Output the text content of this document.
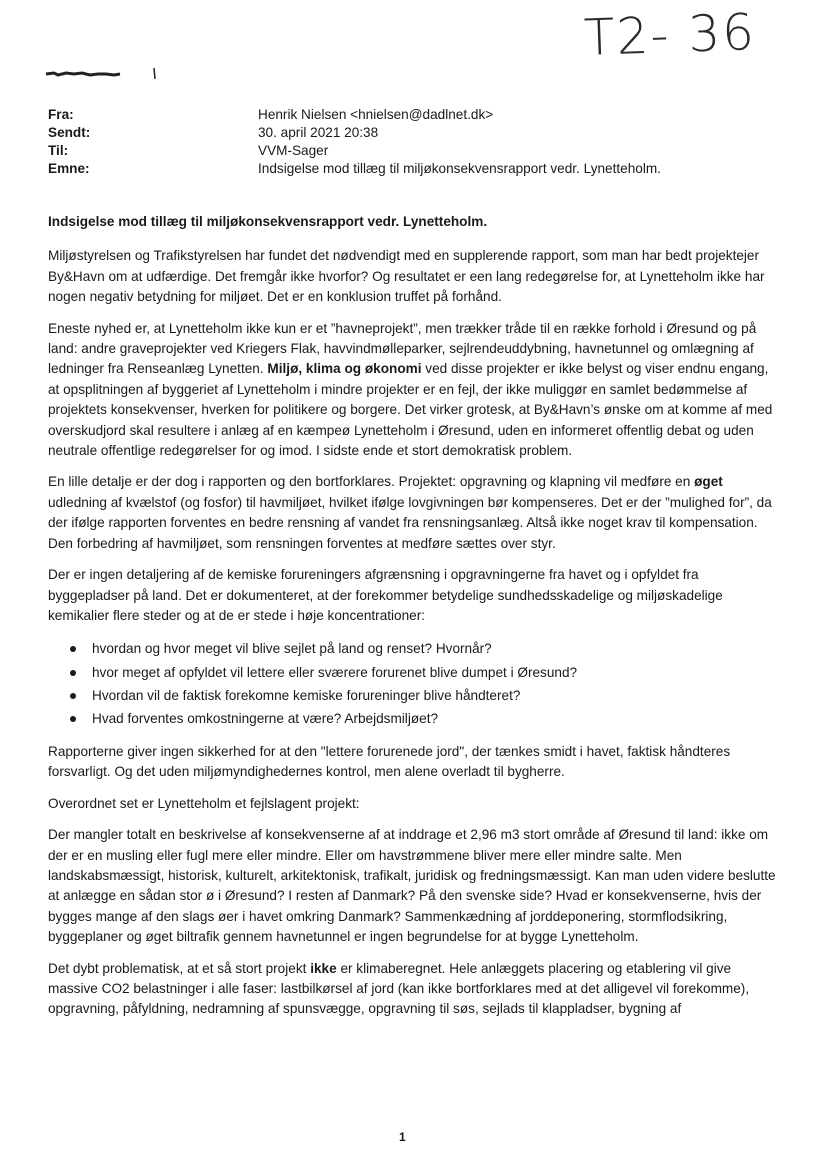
T2- 36
Fra:	Henrik Nielsen <hnielsen@dadlnet.dk>
Sendt:	30. april 2021 20:38
Til:	VVM-Sager
Emne:	Indsigelse mod tillæg til miljøkonsekvensrapport vedr. Lynetteholm.

Indsigelse mod tillæg til miljøkonsekvensrapport vedr. Lynetteholm.

Miljøstyrelsen og Trafikstyrelsen har fundet det nødvendigt med en supplerende rapport, som man har bedt projektejer By&Havn om at udfærdige. Det fremgår ikke hvorfor? Og resultatet er een lang redegørelse for, at Lynetteholm ikke har nogen negativ betydning for miljøet. Det er en konklusion truffet på forhånd.

Eneste nyhed er, at Lynetteholm ikke kun er et ”havneprojekt”, men trækker tråde til en række forhold i Øresund og på land: andre graveprojekter ved Kriegers Flak, havvindmølleparker, sejlrendeuddybning, havnetunnel og omlægning af ledninger fra Renseanlæg Lynetten. Miljø, klima og økonomi ved disse projekter er ikke belyst og viser endnu engang, at opsplitningen af byggeriet af Lynetteholm i mindre projekter er en fejl, der ikke muliggør en samlet bedømmelse af projektets konsekvenser, hverken for politikere og borgere. Det virker grotesk, at By&Havn’s ønske om at komme af med overskudjord skal resultere i anlæg af en kæmpeø Lynetteholm i Øresund, uden en informeret offentlig debat og uden neutrale offentlige redegørelser for og imod. I sidste ende et stort demokratisk problem.

En lille detalje er der dog i rapporten og den bortforklares. Projektet: opgravning og klapning vil medføre en øget udledning af kvælstof (og fosfor) til havmiljøet, hvilket ifølge lovgivningen bør kompenseres. Det er der ”mulighed for”, da der ifølge rapporten forventes en bedre rensning af vandet fra rensningsanlæg. Altså ikke noget krav til kompensation. Den forbedring af havmiljøet, som rensningen forventes at medføre sættes over styr.

Der er ingen detaljering af de kemiske forureningers afgrænsning i opgravningerne fra havet og i opfyldet fra byggepladser på land. Det er dokumenteret, at der forekommer betydelige sundhedsskadelige og miljøskadelige kemikalier flere steder og at de er stede i høje koncentrationer:

hvordan og hvor meget vil blive sejlet på land og renset? Hvornår?
hvor meget af opfyldet vil lettere eller sværere forurenet blive dumpet i Øresund?
Hvordan vil de faktisk forekomne kemiske forureninger blive håndteret?
Hvad forventes omkostningerne at være? Arbejdsmiljøet?

Rapporterne giver ingen sikkerhed for at den "lettere forurenede jord", der tænkes smidt i havet, faktisk håndteres forsvarligt. Og det uden miljømyndighedernes kontrol, men alene overladt til bygherre.

Overordnet set er Lynetteholm et fejlslagent projekt:

Der mangler totalt en beskrivelse af konsekvenserne af at inddrage et 2,96 m3 stort område af Øresund til land: ikke om der er en musling eller fugl mere eller mindre. Eller om havstrømmene bliver mere eller mindre salte. Men landskabsmæssigt, historisk, kulturelt, arkitektonisk, trafikalt, juridisk og fredningsmæssigt. Kan man uden videre beslutte at anlægge en sådan stor ø i Øresund? I resten af Danmark? På den svenske side? Hvad er konsekvenserne, hvis der bygges mange af den slags øer i havet omkring Danmark? Sammenkædning af jorddeponering, stormflodsikring, byggeplaner og øget biltrafik gennem havnetunnel er ingen begrundelse for at bygge Lynetteholm.

Det dybt problematisk, at et så stort projekt ikke er klimaberegnet. Hele anlæggets placering og etablering vil give massive CO2 belastninger i alle faser: lastbilkørsel af jord (kan ikke bortforklares med at det alligevel vil forekomme), opgravning, påfyldning, nedramning af spunsvægge, opgravning til søs, sejlads til klappladser, bygning af

1
